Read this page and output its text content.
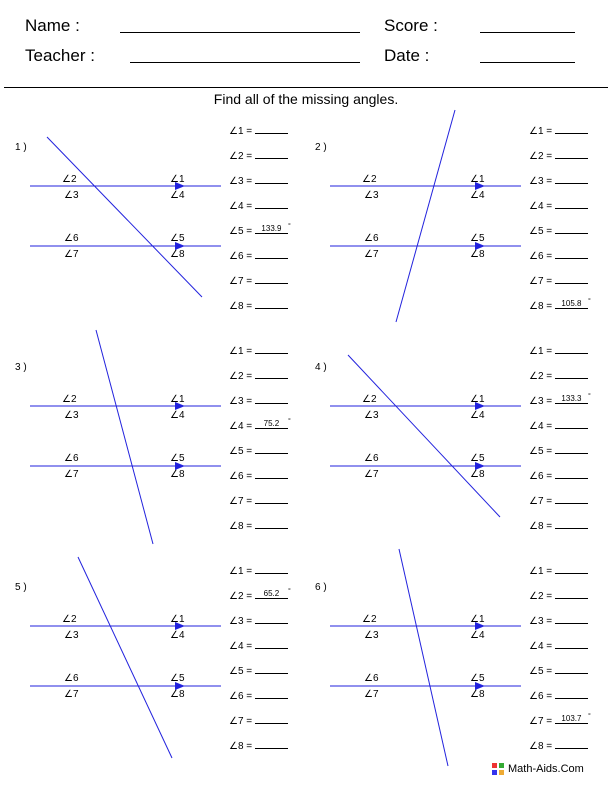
Name :	Score :
Teacher :	Date :
Find all of the missing angles.
1 )
∠2	∠1
∠3	∠4
∠6	∠5
∠7	∠8
∠1 =
∠2 =
∠3 =
∠4 =
∠5 = 133.9 °
∠6 =
∠7 =
∠8 =
2 )
∠2	∠1
∠3	∠4
∠6	∠5
∠7	∠8
∠1 =
∠2 =
∠3 =
∠4 =
∠5 =
∠6 =
∠7 =
∠8 = 105.8 °
3 )
∠2	∠1
∠3	∠4
∠6	∠5
∠7	∠8
∠1 =
∠2 =
∠3 =
∠4 =	75.2	°
∠5 =
∠6 =
∠7 =
∠8 =
4 )
∠2	∠1
∠3	∠4
∠6	∠5
∠7	∠8
∠1 =
∠2 =
∠3 = 133.3 °
∠4 =
∠5 =
∠6 =
∠7 =
∠8 =
5 )
∠2	∠1
∠3	∠4
∠6	∠5
∠7	∠8
∠1 =
∠2 =	65.2	°
∠3 =
∠4 =
∠5 =
∠6 =
∠7 =
∠8 =
6 )
∠2	∠1
∠3	∠4
∠6	∠5
∠7	∠8
∠1 =
∠2 =
∠3 =
∠4 =
∠5 =
∠6 =
∠7 = 103.7 °
∠8 =
Math-Aids.Com
